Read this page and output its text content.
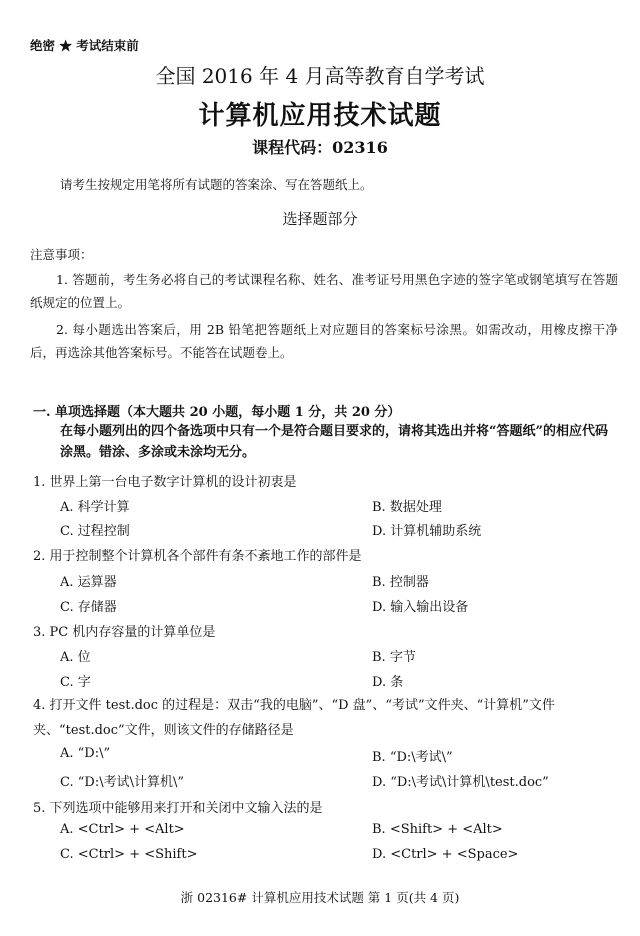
绝密 ★ 考试结束前
全国 2016 年 4 月高等教育自学考试
计算机应用技术试题
课程代码：02316
请考生按规定用笔将所有试题的答案涂、写在答题纸上。
选择题部分
注意事项：
1. 答题前，考生务必将自己的考试课程名称、姓名、准考证号用黑色字迹的签字笔或钢笔填写在答题纸规定的位置上。
2. 每小题选出答案后，用 2B 铅笔把答题纸上对应题目的答案标号涂黑。如需改动，用橡皮擦干净后，再选涂其他答案标号。不能答在试题卷上。
一. 单项选择题（本大题共 20 小题，每小题 1 分，共 20 分）
在每小题列出的四个备选项中只有一个是符合题目要求的，请将其选出并将“答题纸”的相应代码涂黑。错涂、多涂或未涂均无分。
1. 世界上第一台电子数字计算机的设计初衷是
A. 科学计算	B. 数据处理
C. 过程控制	D. 计算机辅助系统
2. 用于控制整个计算机各个部件有条不紊地工作的部件是
A. 运算器	B. 控制器
C. 存储器	D. 输入输出设备
3. PC 机内存容量的计算单位是
A. 位	B. 字节
C. 字	D. 条
4. 打开文件 test.doc 的过程是：双击“我的电脑”、“D 盘”、“考试”文件夹、“计算机”文件夹、“test.doc”文件，则该文件的存储路径是
A. “D:\”	B. “D:\考试\”
C. “D:\考试\计算机\”	D. “D:\考试\计算机\test.doc”
5. 下列选项中能够用来打开和关闭中文输入法的是
A. <Ctrl> + <Alt>	B. <Shift> + <Alt>
C. <Ctrl> + <Shift>	D. <Ctrl> + <Space>
浙 02316# 计算机应用技术试题 第 1 页(共 4 页)
